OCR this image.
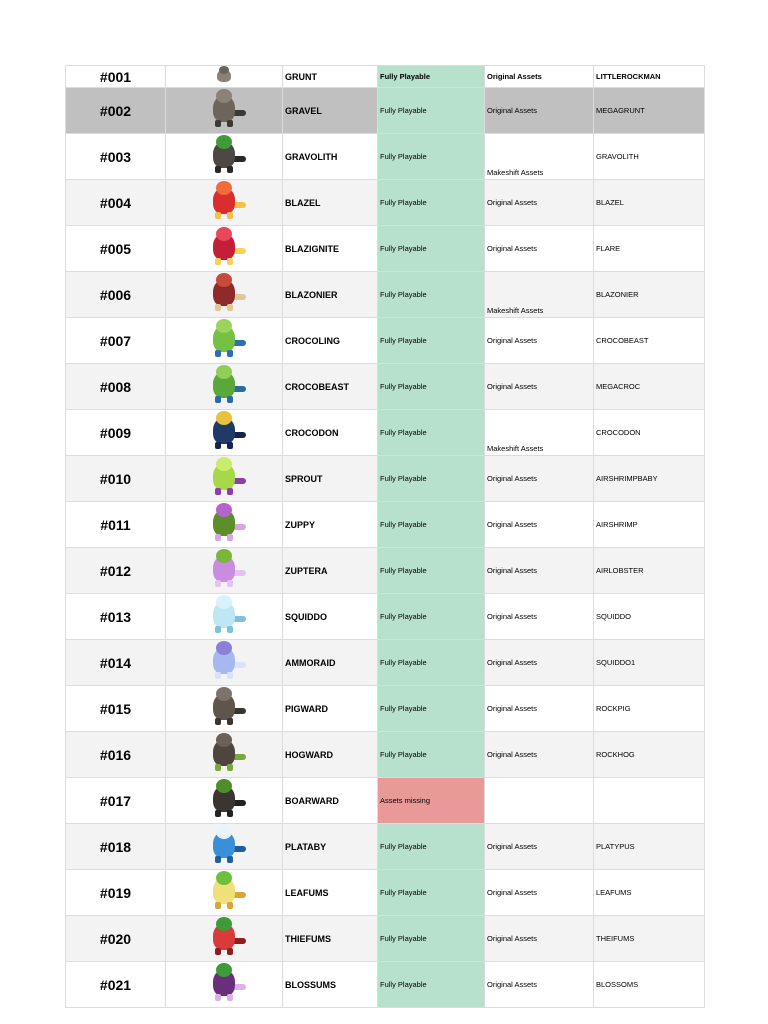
#001		GRUNT	Fully Playable	Original Assets	LITTLEROCKMAN
#002		GRAVEL	Fully Playable	Original Assets	MEGAGRUNT
#003		GRAVOLITH	Fully Playable	Makeshift Assets	GRAVOLITH
#004		BLAZEL	Fully Playable	Original Assets	BLAZEL
#005		BLAZIGNITE	Fully Playable	Original Assets	FLARE
#006		BLAZONIER	Fully Playable	Makeshift Assets	BLAZONIER
#007		CROCOLING	Fully Playable	Original Assets	CROCOBEAST
#008		CROCOBEAST	Fully Playable	Original Assets	MEGACROC
#009		CROCODON	Fully Playable	Makeshift Assets	CROCODON
#010		SPROUT	Fully Playable	Original Assets	AIRSHRIMPBABY
#011		ZUPPY	Fully Playable	Original Assets	AIRSHRIMP
#012		ZUPTERA	Fully Playable	Original Assets	AIRLOBSTER
#013		SQUIDDO	Fully Playable	Original Assets	SQUIDDO
#014		AMMORAID	Fully Playable	Original Assets	SQUIDDO1
#015		PIGWARD	Fully Playable	Original Assets	ROCKPIG
#016		HOGWARD	Fully Playable	Original Assets	ROCKHOG
#017		BOARWARD	Assets missing		
#018		PLATABY	Fully Playable	Original Assets	PLATYPUS
#019		LEAFUMS	Fully Playable	Original Assets	LEAFUMS
#020		THIEFUMS	Fully Playable	Original Assets	THEIFUMS
#021		BLOSSUMS	Fully Playable	Original Assets	BLOSSOMS
